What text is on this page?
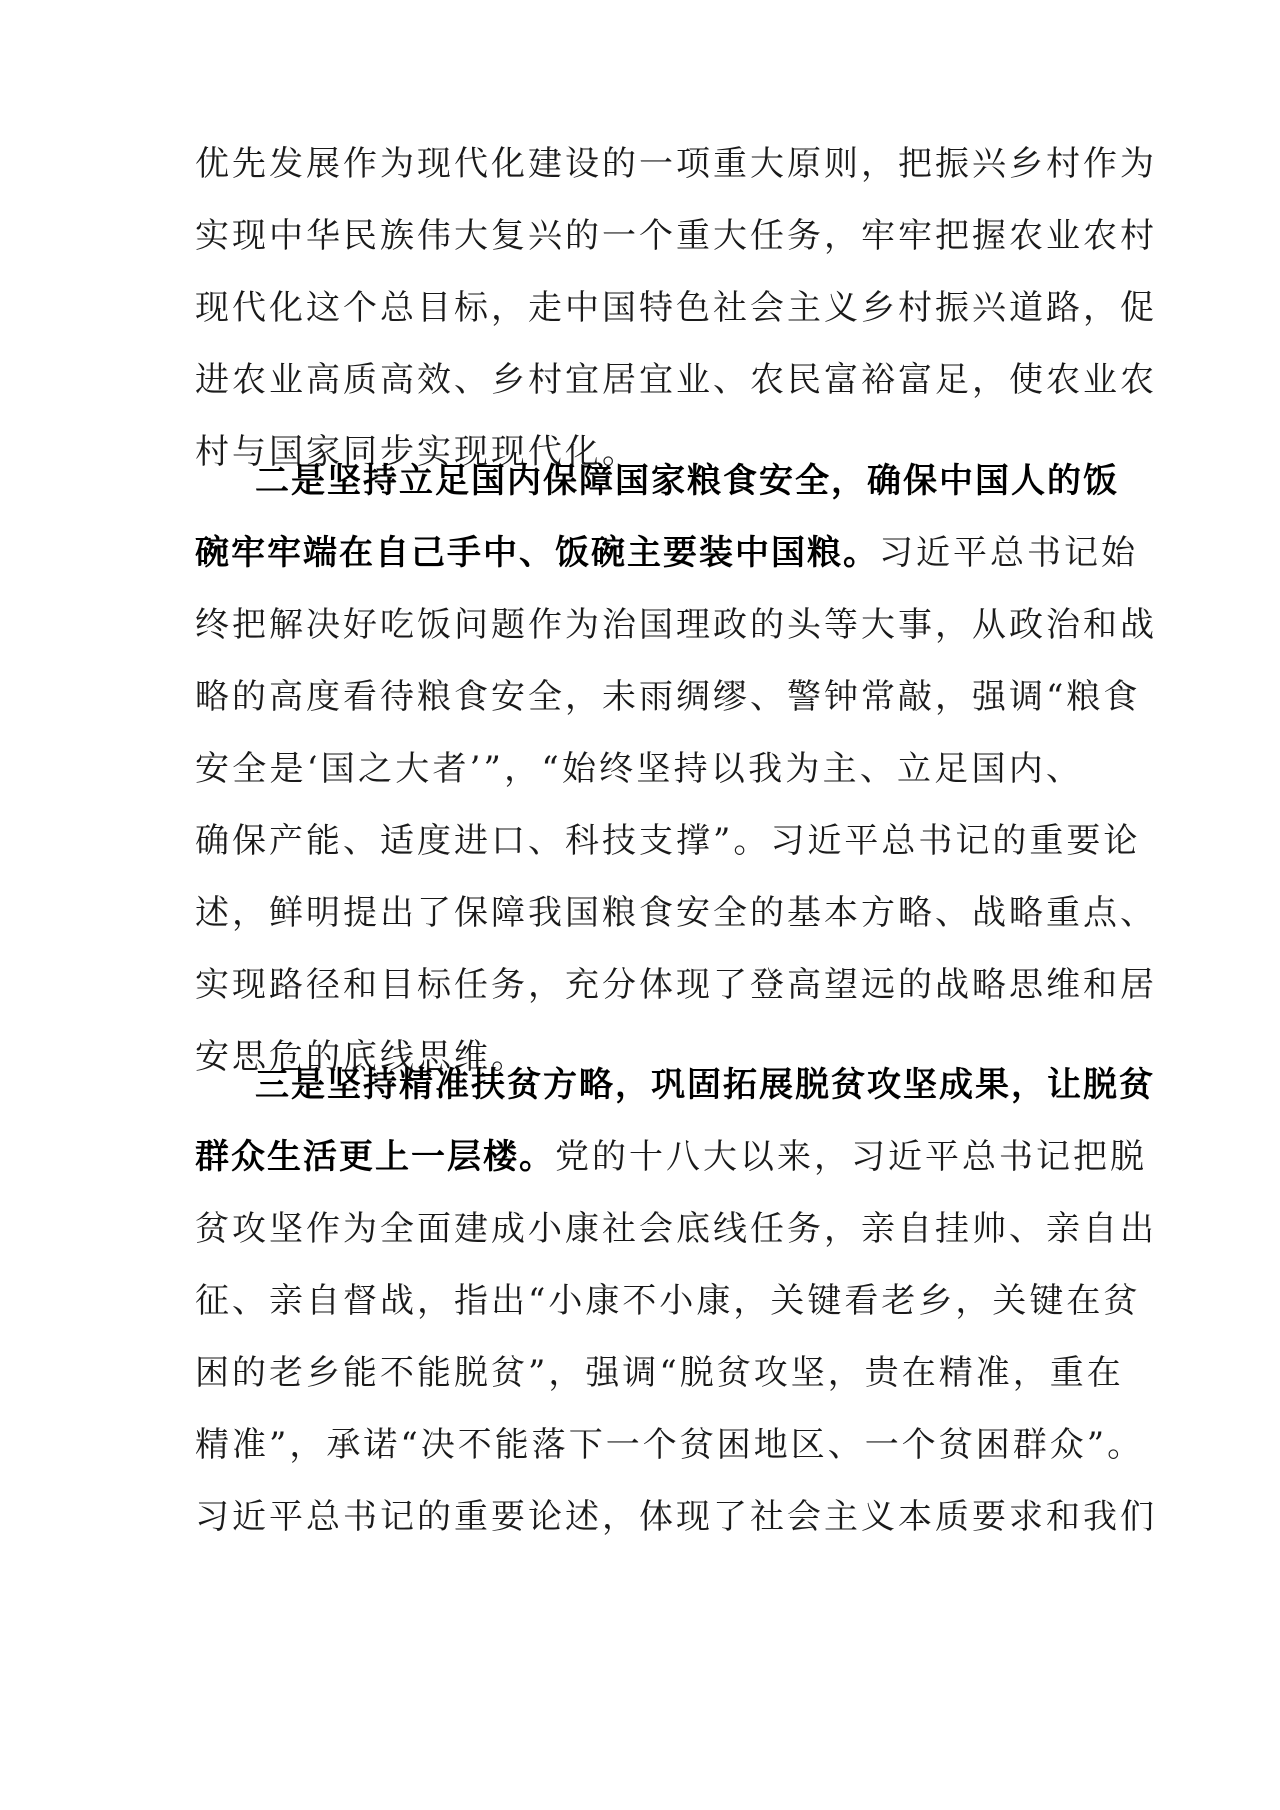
优先发展作为现代化建设的一项重大原则，把振兴乡村作为
实现中华民族伟大复兴的一个重大任务，牢牢把握农业农村
现代化这个总目标，走中国特色社会主义乡村振兴道路，促
进农业高质高效、乡村宜居宜业、农民富裕富足，使农业农
村与国家同步实现现代化。
二是坚持立足国内保障国家粮食安全，确保中国人的饭
碗牢牢端在自己手中、饭碗主要装中国粮。习近平总书记始
终把解决好吃饭问题作为治国理政的头等大事，从政治和战
略的高度看待粮食安全，未雨绸缪、警钟常敲，强调“粮食
安全是‘国之大者’”，“始终坚持以我为主、立足国内、
确保产能、适度进口、科技支撑”。习近平总书记的重要论
述，鲜明提出了保障我国粮食安全的基本方略、战略重点、
实现路径和目标任务，充分体现了登高望远的战略思维和居
安思危的底线思维。
三是坚持精准扶贫方略，巩固拓展脱贫攻坚成果，让脱贫
群众生活更上一层楼。党的十八大以来，习近平总书记把脱
贫攻坚作为全面建成小康社会底线任务，亲自挂帅、亲自出
征、亲自督战，指出“小康不小康，关键看老乡，关键在贫
困的老乡能不能脱贫”，强调“脱贫攻坚，贵在精准，重在
精准”，承诺“决不能落下一个贫困地区、一个贫困群众”。
习近平总书记的重要论述，体现了社会主义本质要求和我们
